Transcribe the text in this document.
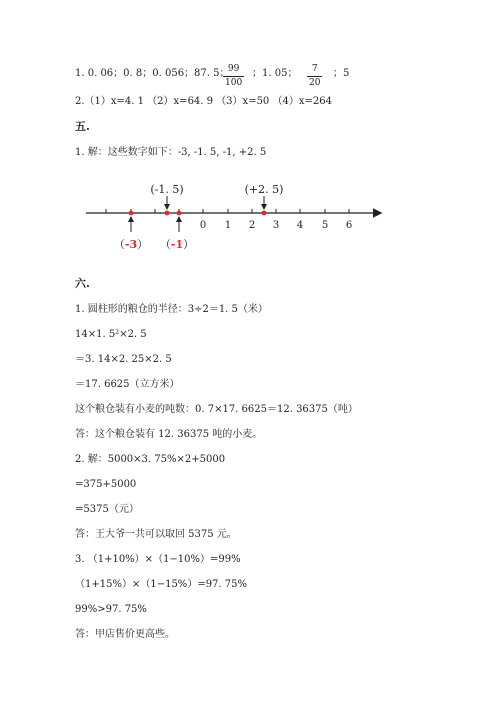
1. 0. 06；0. 8；0. 056；87. 5；
99
100
；1. 05； 7
20
；5
2.（1）x=4. 1 （2）x=64. 9 （3）x=50 （4）x=264
五.
1. 解：这些数字如下：-3, -1. 5, -1, +2. 5
0 1 2 3 4 5 6
(-1. 5)	(+2. 5)
（-3） （-1）
六.
1. 圆柱形的粮仓的半径：3÷2＝1. 5（米）
14×1. 5²×2. 5
＝3. 14×2. 25×2. 5
＝17. 6625（立方米）
这个粮仓装有小麦的吨数：0. 7×17. 6625＝12. 36375（吨）
答：这个粮仓装有 12. 36375 吨的小麦。
2. 解：5000×3. 75%×2+5000
=375+5000
=5375（元）
答：王大爷一共可以取回 5375 元。
3. （1+10%）×（1−10%）=99%
（1+15%）×（1−15%）=97. 75%
99%>97. 75%
答：甲店售价更高些。
